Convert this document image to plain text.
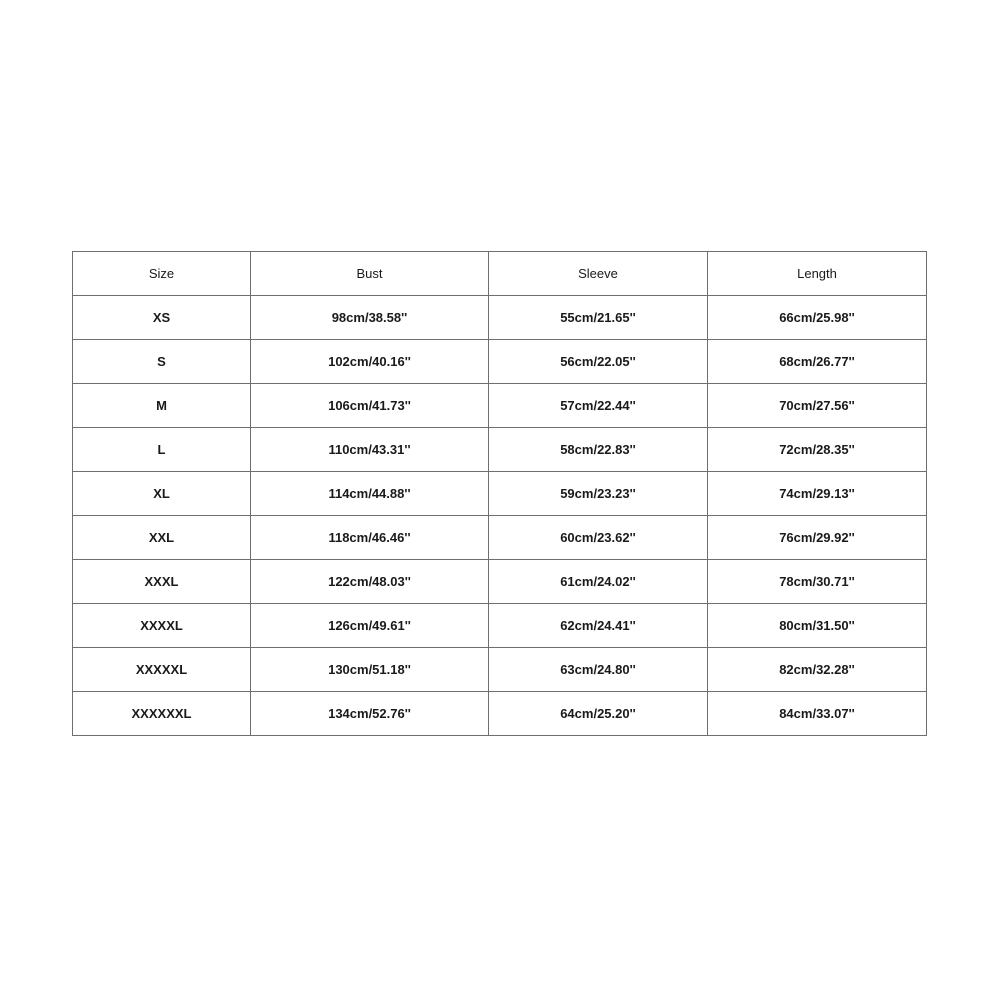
Size	Bust	Sleeve	Length
XS	98cm/38.58''	55cm/21.65''	66cm/25.98''
S	102cm/40.16''	56cm/22.05''	68cm/26.77''
M	106cm/41.73''	57cm/22.44''	70cm/27.56''
L	110cm/43.31''	58cm/22.83''	72cm/28.35''
XL	114cm/44.88''	59cm/23.23''	74cm/29.13''
XXL	118cm/46.46''	60cm/23.62''	76cm/29.92''
XXXL	122cm/48.03''	61cm/24.02''	78cm/30.71''
XXXXL	126cm/49.61''	62cm/24.41''	80cm/31.50''
XXXXXL	130cm/51.18''	63cm/24.80''	82cm/32.28''
XXXXXXL	134cm/52.76''	64cm/25.20''	84cm/33.07''
